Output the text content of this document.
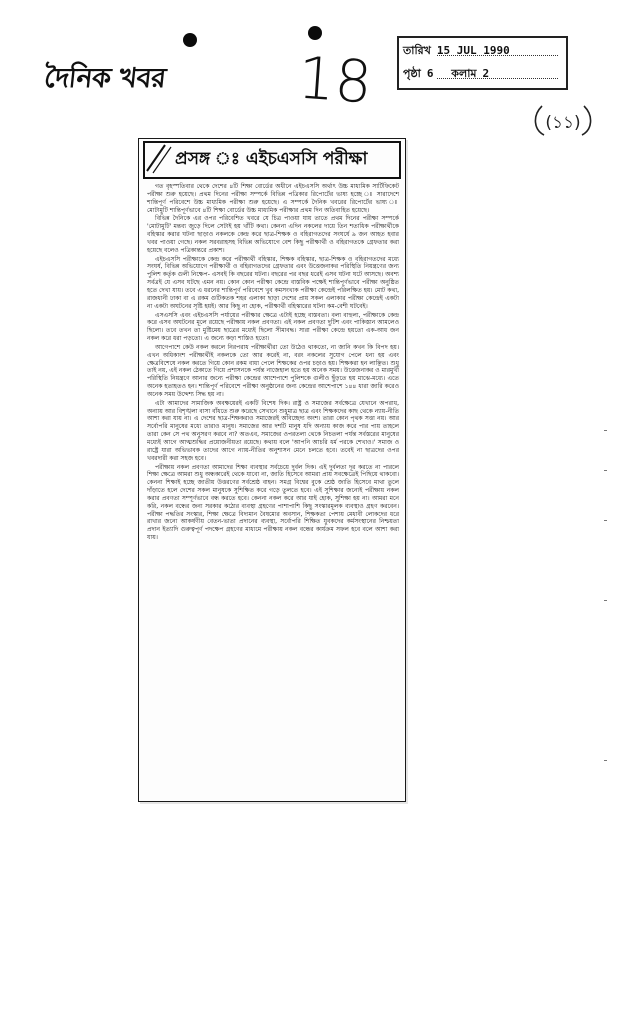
দৈনিক খবর 18	তারিখ 15 JUL 1990
পৃষ্ঠা 6 কলাম 2
(১১)
প্রসঙ্গ ঃ এইচএসসি পরীক্ষা

গত বৃহস্পতিবার থেকে দেশের ৪টি শিক্ষা বোর্ডের অধীনে এইচএসসি অর্থাৎ উচ্চ মাধ্যমিক সার্টিফিকেট পরীক্ষা শুরু হয়েছে। প্রথম দিনের পরীক্ষা সম্পর্কে বিভিন্ন পত্রিকার রিপোর্টের ভাষ্য হচ্ছে ঃ সারাদেশে শান্তিপূর্ণ পরিবেশে উচ্চ মাধ্যমিক পরীক্ষা শুরু হয়েছে। এ সম্পর্কে দৈনিক খবরের রিপোর্টের ভাষ্য ঃ মোটামুটি শান্তিপূর্ণভাবে ৪টি শিক্ষা বোর্ডের উচ্চ মাধ্যমিক পরীক্ষার প্রথম দিন অতিবাহিত হয়েছে।

বিভিন্ন দৈনিকে এর ওপর পরিবেশিত খবরে যে চিত্র পাওয়া যায় তাতে প্রথম দিনের পরীক্ষা সম্পর্কে 'মোটামুটি' মন্তব্য জুড়ে দিলে সেটাই হয় খাঁটি কথা। কেননা এদিন নকলের দায়ে তিন শতাধিক পরীক্ষার্থীকে বহিস্কার করার ঘটনা ছাড়াও নকলকে কেন্দ্র করে ছাত্র-শিক্ষক ও বহিরাগতদের সংঘর্ষে ৯ জন আহত হবার খবর পাওয়া গেছে। নকল সরবরাহসহ বিভিন্ন অভিযোগে বেশ কিছু পরীক্ষার্থী ও বহিরাগতকে গ্রেফতার করা হয়েছে বলেও পত্রিকান্তরে প্রকাশ।

এইচএসসি পরীক্ষাকে কেন্দ্র করে পরীক্ষার্থী বহিস্কার, শিক্ষক বহিস্কার, ছাত্র-শিক্ষক ও বহিরাগতদের মধ্যে সংঘর্ষ, বিভিন্ন অভিযোগে পরীক্ষার্থী ও বহিরাগতদের গ্রেফতার এবং উত্তেজনাকর পরিস্থিতি নিয়ন্ত্রণের জন্য পুলিশ কর্তৃক গুলী নিক্ষেপ- এসবই কি বছরের ঘটনা। বছরের পর বছর ধরেই এসব ঘটনা ঘটে আসছে। অবশ্য সর্বত্রই যে এসব ঘটছে এমন নয়। কোন কোন পরীক্ষা কেন্দ্রে বাস্তবিক পক্ষেই শান্তিপূর্ণভাবে পরীক্ষা অনুষ্ঠিত হতে দেখা যায়। তবে এ ধরনের শান্তিপূর্ণ পরিবেশে খুব কমসংখ্যক পরীক্ষা কেন্দ্রেই পরিলক্ষিত হয়। মোট কথা, রাজধানী ঢাকা বা এ রকম গুটিকতক শহর এলাকা ছাড়া দেশের প্রায় সকল এলাকার পরীক্ষা কেন্দ্রেই একটা না একটা অঘটনের সৃষ্টি হয়ই। আর কিছু না হোক, পরীক্ষার্থী বহিস্কারের ঘটনা কম-বেশী ঘটবেই।

এসএসসি এবং এইচএসসি পর্যায়ের পরীক্ষার ক্ষেত্রে এটাই হচ্ছে বাস্তবতা। বলা বাহুল্য, পরীক্ষাকে কেন্দ্র করে এসব অঘটনের মূলে রয়েছে পরীক্ষায় নকল প্রবণতা। এই নকল প্রবণতা দুটিশ এবং পাকিস্তান আমলেও ছিলো। তবে তখন তা মুষ্টিমেয় ছাত্রের মধ্যেই ছিলো সীমাবদ্ধ। সারা পরীক্ষা কেন্দ্রে হয়তো এক-আধ জন নকল করে ধরা পড়তো। এ জন্যে কড়া শাস্তিও হতো।

আগেপাশে কেউ নকল করলে নিরপরাধ পরীক্ষার্থীরা তো উঠেও থাকতো, না জানি কখন কি বিপদ হয়। এখন অধিকাংশ পরীক্ষার্থীই নকলকে তো আর করেই না, বরং নকলের সুযোগ পেলে ধন্য হয় এবং ক্ষেত্রবিশেষে নকল করতে গিয়ে কোন রকম বাধা পেলে শিক্ষকের ওপর চড়াও হয়। শিক্ষকরা হন লাঞ্ছিত। শুধু তাই নয়, এই নকল ঠেকাতে গিয়ে প্রশাসনকে পর্যন্ত নাজেহাল হতে হয় অনেক সময়। উত্তেজনাকর ও মারমুখী পরিস্থিতি নিয়ন্ত্রণে আনার জন্যে পরীক্ষা কেন্দ্রের আশেপাশে পুলিশকে গুলীও ছুঁড়তে হয় মাঝে-মধ্যে। এতে অনেক হতাহতও হন। শান্তিপূর্ণ পরিবেশে পরীক্ষা অনুষ্ঠানের জন্য কেন্দ্রের আশেপাশে ১৪৪ ধারা জারি করেও অনেক সময় উদ্দেশ্য সিদ্ধ হয় না।

এটা আমাদের সামাজিক অবক্ষয়েরই একটি বিশেষ দিক। রাষ্ট্র ও সমাজের সর্বক্ষেত্রে যেখানে অপরাধ, অন্যায় আর বিশৃঙ্খলা বাসা বাঁধতে শুরু করেছে সেখানে শুধুমাত্র ছাত্র এবং শিক্ষকদের কাছ থেকে ন্যায়-নীতি আশা করা যায় না। এ দেশের ছাত্র-শিক্ষকরাও সমাজেরই অবিচ্ছেদ্য অংশ। তারা কোন পৃথক সত্তা নয়। আর সর্বোপরি মানুষের মধ্যে তারাও মানুষ। সমাজের আর দশটি মানুষ যদি অন্যায় কাজ করে পার পায় তাহলে তারা কেন সে পথ অনুসরণ করবে না? অতএব, সমাজের ওপরতলা থেকে নিচতলা পর্যন্ত সর্বস্তরের মানুষের মধ্যেই আগে আত্মশুদ্ধির প্রয়োজনীয়তা রয়েছে। কথায় বলে 'আপনি আচরি ধর্ম পরকে শেখাও।' সমাজ ও রাষ্ট্রে যারা অভিভাবক তাদের আগে ন্যায়-নীতির অনুশাসন মেনে চলতে হবে। তবেই না ছাত্রদের ওপর খবরদারী করা সহজ হবে।

পরীক্ষায় নকল প্রবণতা আমাদের শিক্ষা ব্যবস্থার সর্বচেয়ে দুর্বল দিক। এই দুর্বলতা দূর করতে না পারলে শিক্ষা ক্ষেত্রে আমরা শুধু অন্ধকারেই থেকে যাবো না, জাতি হিসেবে আমরা প্রায় সবক্ষেত্রেই পিছিয়ে থাকবো। কেননা শিক্ষাই হচ্ছে জাতীয় উত্তরণের সর্বশ্রেষ্ঠ বাহন। সমগ্র বিশ্বের বুকে শ্রেষ্ঠ জাতি হিসেবে মাথা তুলে দাঁড়াতে হলে দেশের সকল মানুষকে সুশিক্ষিত করে গড়ে তুলতে হবে। এই সুশিক্ষার জন্যেই পরীক্ষায় নকল করার প্রবণতা সম্পূর্ণভাবে বন্ধ করতে হবে। কেননা নকল করে আর যাই হোক, সুশিক্ষা হয় না। আমরা মনে করি, নকল বন্ধের জন্য সরকার কঠোর ব্যবস্থা গ্রহণের পাশাপাশি কিছু সংস্কারমূলক ব্যবস্থাও গ্রহণ করবেন। পরীক্ষা পদ্ধতির সংস্কার, শিক্ষা ক্ষেত্রে বিদ্যমান বৈষম্যের অবসান, শিক্ষকতা পেশায় মেধাবী লোকদের ধরে রাখার জন্যে আকর্ষণীয় বেতন-ভাতা প্রদানের ব্যবস্থা, সর্বোপরি শিক্ষিত যুবকদের কর্মসংস্থানের নিশ্চয়তা প্রদান ইত্যাদি গুরুত্বপূর্ণ পদক্ষেপ গ্রহণের মাধ্যমে পরীক্ষায় নকল বন্ধের কার্যক্রম সফল হবে বলে আশা করা যায়।
